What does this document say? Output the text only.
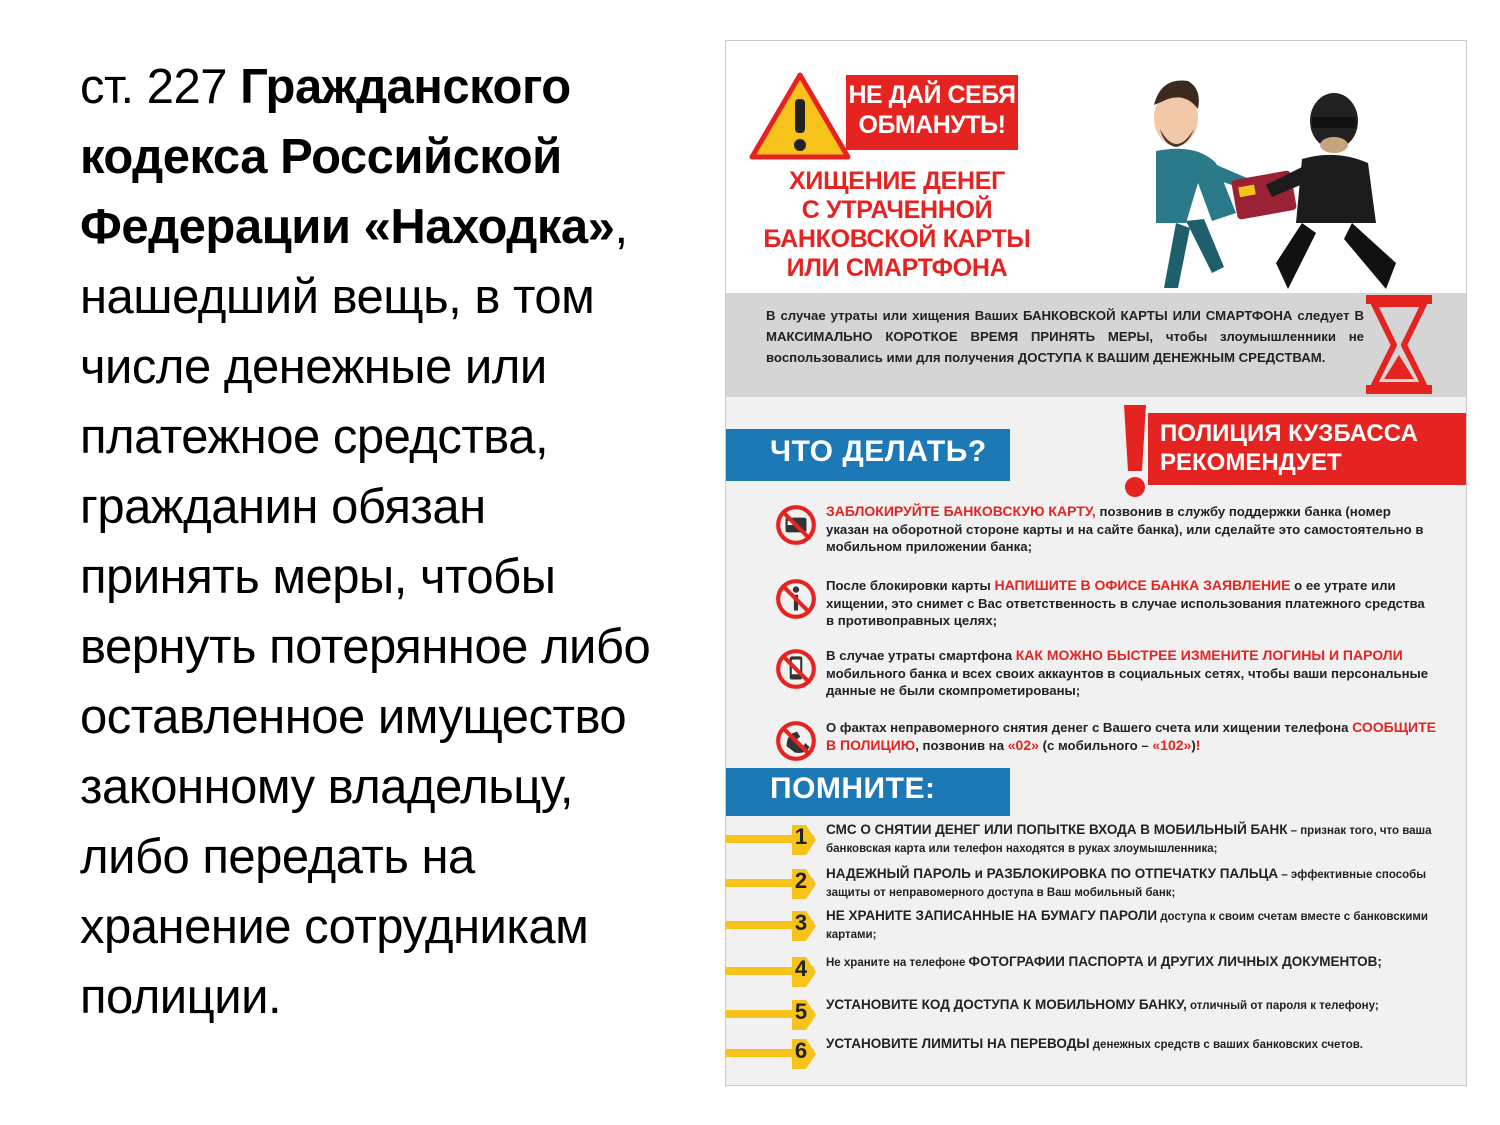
ст. 227 Гражданского
кодекса Российской
Федерации «Находка»,
нашедший вещь, в том
числе денежные или
платежное средства,
гражданин обязан
принять меры, чтобы
вернуть потерянное либо
оставленное имущество
законному владельцу,
либо передать на
хранение сотрудникам
полиции.
НЕ ДАЙ СЕБЯ
ОБМАНУТЬ!
ХИЩЕНИЕ ДЕНЕГ
С УТРАЧЕННОЙ
БАНКОВСКОЙ КАРТЫ
ИЛИ СМАРТФОНА
В случае утраты или хищения Ваших БАНКОВСКОЙ КАРТЫ ИЛИ СМАРТФОНА следует В МАКСИМАЛЬНО КОРОТКОЕ ВРЕМЯ ПРИНЯТЬ МЕРЫ, чтобы злоумышленники не воспользовались ими для получения ДОСТУПА К ВАШИМ ДЕНЕЖНЫМ СРЕДСТВАМ.
ЧТО ДЕЛАТЬ?
ПОЛИЦИЯ КУЗБАССА
РЕКОМЕНДУЕТ
ЗАБЛОКИРУЙТЕ БАНКОВСКУЮ КАРТУ, позвонив в службу поддержки банка (номер указан на оборотной стороне карты и на сайте банка), или сделайте это самостоятельно в мобильном приложении банка;
После блокировки карты НАПИШИТЕ В ОФИСЕ БАНКА ЗАЯВЛЕНИЕ о ее утрате или хищении, это снимет с Вас ответственность в случае использования платежного средства в противоправных целях;
В случае утраты смартфона КАК МОЖНО БЫСТРЕЕ ИЗМЕНИТЕ ЛОГИНЫ И ПАРОЛИ мобильного банка и всех своих аккаунтов в социальных сетях, чтобы ваши персональные данные не были скомпрометированы;
О фактах неправомерного снятия денег с Вашего счета или хищении телефона СООБЩИТЕ В ПОЛИЦИЮ, позвонив на «02» (с мобильного – «102»)!
ПОМНИТЕ:
1	СМС О СНЯТИИ ДЕНЕГ ИЛИ ПОПЫТКЕ ВХОДА В МОБИЛЬНЫЙ БАНК – признак того, что ваша банковская карта или телефон находятся в руках злоумышленника;
2	НАДЕЖНЫЙ ПАРОЛЬ и РАЗБЛОКИРОВКА ПО ОТПЕЧАТКУ ПАЛЬЦА – эффективные способы защиты от неправомерного доступа в Ваш мобильный банк;
3	НЕ ХРАНИТЕ ЗАПИСАННЫЕ НА БУМАГУ ПАРОЛИ доступа к своим счетам вместе с банковскими картами;
4	Не храните на телефоне ФОТОГРАФИИ ПАСПОРТА И ДРУГИХ ЛИЧНЫХ ДОКУМЕНТОВ;
5	УСТАНОВИТЕ КОД ДОСТУПА К МОБИЛЬНОМУ БАНКУ, отличный от пароля к телефону;
6	УСТАНОВИТЕ ЛИМИТЫ НА ПЕРЕВОДЫ денежных средств с ваших банковских счетов.
